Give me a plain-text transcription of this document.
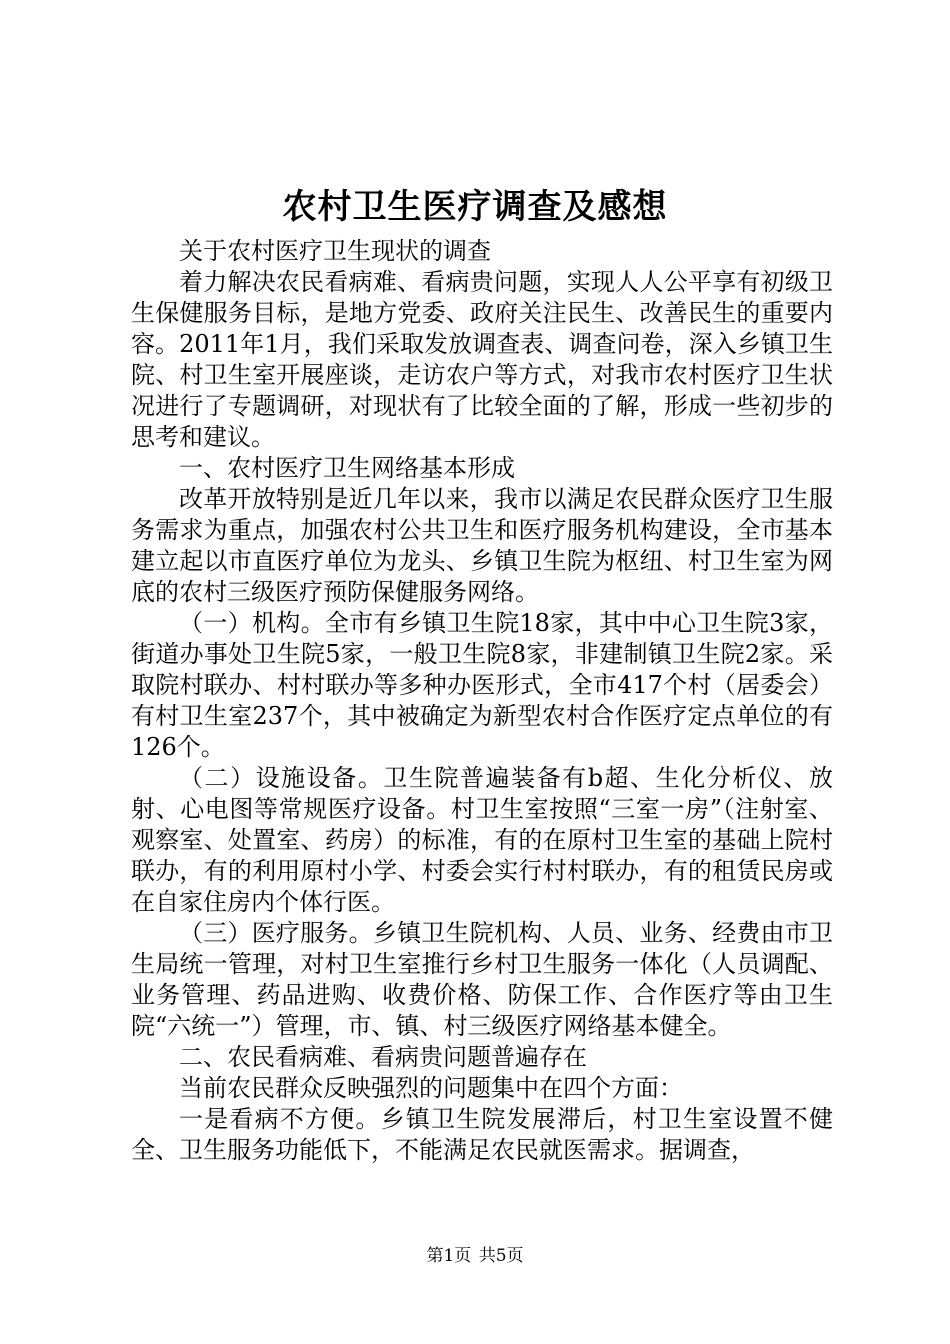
农村卫生医疗调查及感想

关于农村医疗卫生现状的调查

着力解决农民看病难、看病贵问题，实现人人公平享有初级卫生保健服务目标，是地方党委、政府关注民生、改善民生的重要内容。2011年1月，我们采取发放调查表、调查问卷，深入乡镇卫生院、村卫生室开展座谈，走访农户等方式，对我市农村医疗卫生状况进行了专题调研，对现状有了比较全面的了解，形成一些初步的思考和建议。

一、农村医疗卫生网络基本形成

改革开放特别是近几年以来，我市以满足农民群众医疗卫生服务需求为重点，加强农村公共卫生和医疗服务机构建设，全市基本建立起以市直医疗单位为龙头、乡镇卫生院为枢纽、村卫生室为网底的农村三级医疗预防保健服务网络。

（一）机构。全市有乡镇卫生院18家，其中中心卫生院3家，街道办事处卫生院5家，一般卫生院8家，非建制镇卫生院2家。采取院村联办、村村联办等多种办医形式，全市417个村（居委会）有村卫生室237个，其中被确定为新型农村合作医疗定点单位的有126个。

（二）设施设备。卫生院普遍装备有b超、生化分析仪、放射、心电图等常规医疗设备。村卫生室按照“三室一房”（注射室、观察室、处置室、药房）的标准，有的在原村卫生室的基础上院村联办，有的利用原村小学、村委会实行村村联办，有的租赁民房或在自家住房内个体行医。

（三）医疗服务。乡镇卫生院机构、人员、业务、经费由市卫生局统一管理，对村卫生室推行乡村卫生服务一体化（人员调配、业务管理、药品进购、收费价格、防保工作、合作医疗等由卫生院“六统一”）管理，市、镇、村三级医疗网络基本健全。

二、农民看病难、看病贵问题普遍存在

当前农民群众反映强烈的问题集中在四个方面：

一是看病不方便。乡镇卫生院发展滞后，村卫生室设置不健全、卫生服务功能低下，不能满足农民就医需求。据调查，

第1页 共5页
